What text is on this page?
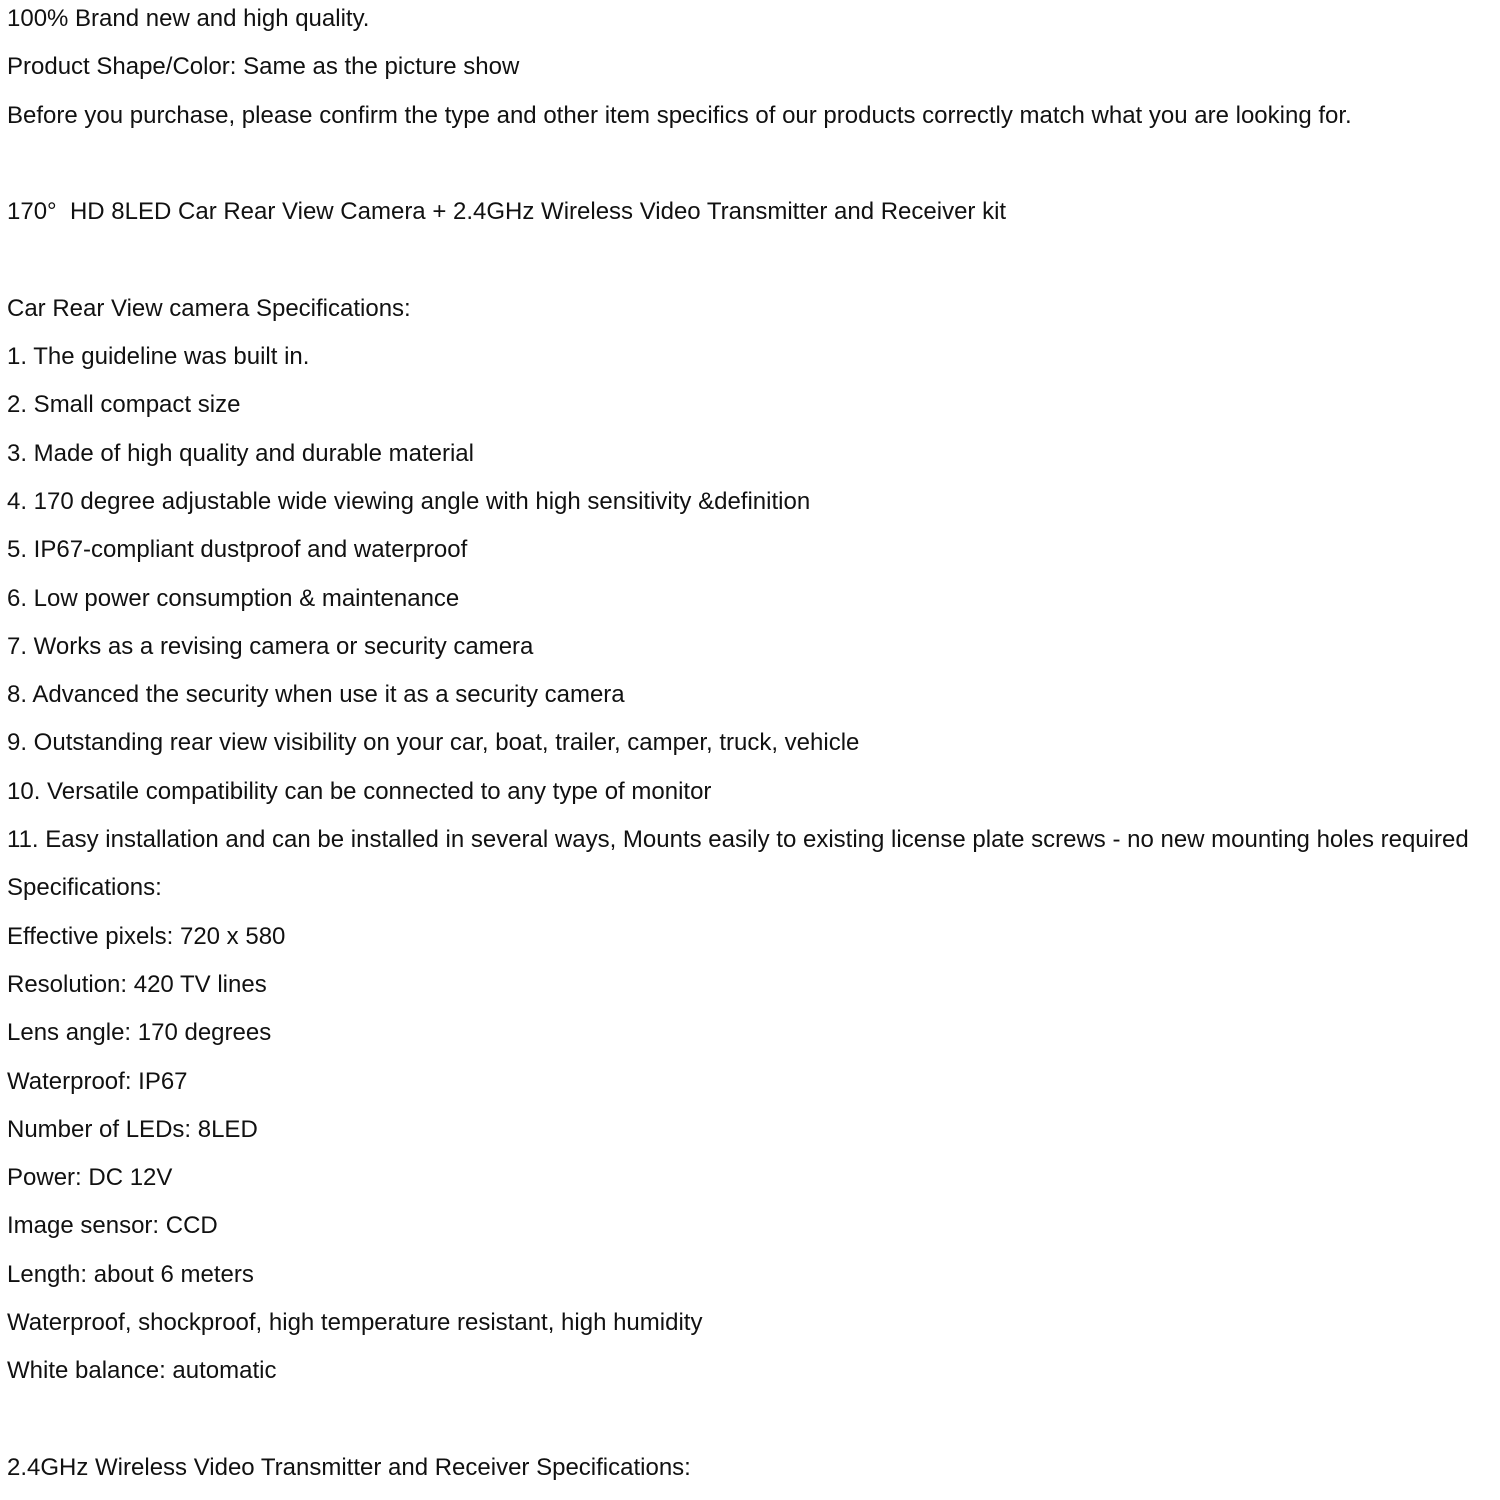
100% Brand new and high quality.

Product Shape/Color: Same as the picture show

Before you purchase, please confirm the type and other item specifics of our products correctly match what you are looking for.

170°  HD 8LED Car Rear View Camera + 2.4GHz Wireless Video Transmitter and Receiver kit

Car Rear View camera Specifications:

1. The guideline was built in.

2. Small compact size

3. Made of high quality and durable material

4. 170 degree adjustable wide viewing angle with high sensitivity &definition

5. IP67-compliant dustproof and waterproof

6. Low power consumption & maintenance

7. Works as a revising camera or security camera

8. Advanced the security when use it as a security camera

9. Outstanding rear view visibility on your car, boat, trailer, camper, truck, vehicle

10. Versatile compatibility can be connected to any type of monitor

11. Easy installation and can be installed in several ways, Mounts easily to existing license plate screws - no new mounting holes required

Specifications:

Effective pixels: 720 x 580

Resolution: 420 TV lines

Lens angle: 170 degrees

Waterproof: IP67

Number of LEDs: 8LED

Power: DC 12V

Image sensor: CCD

Length: about 6 meters

Waterproof, shockproof, high temperature resistant, high humidity

White balance: automatic

2.4GHz Wireless Video Transmitter and Receiver Specifications:
